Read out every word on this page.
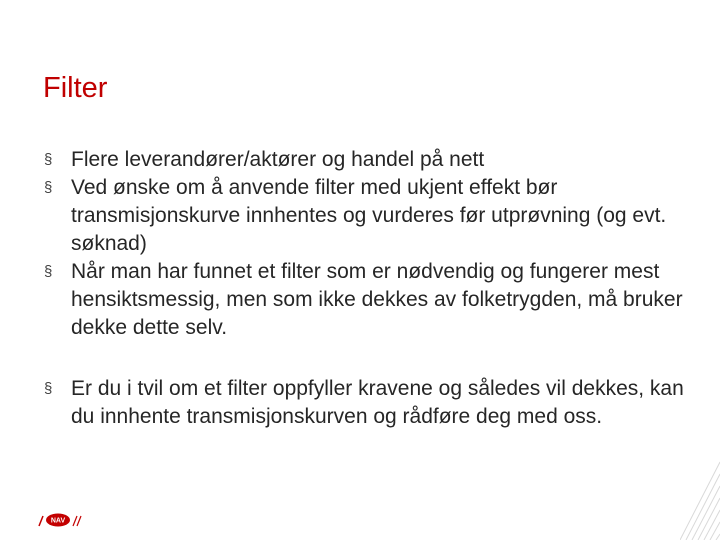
Filter
§ Flere leverandører/aktører og handel på nett
§ Ved ønske om å anvende filter med ukjent effekt bør transmisjonskurve innhentes og vurderes før utprøvning (og evt. søknad)
§ Når man har funnet et filter som er nødvendig og fungerer mest hensiktsmessig, men som ikke dekkes av folketrygden, må bruker dekke dette selv.
§ Er du i tvil om et filter oppfyller kravene og således vil dekkes, kan du innhente transmisjonskurven og rådføre deg med oss.
NAV
